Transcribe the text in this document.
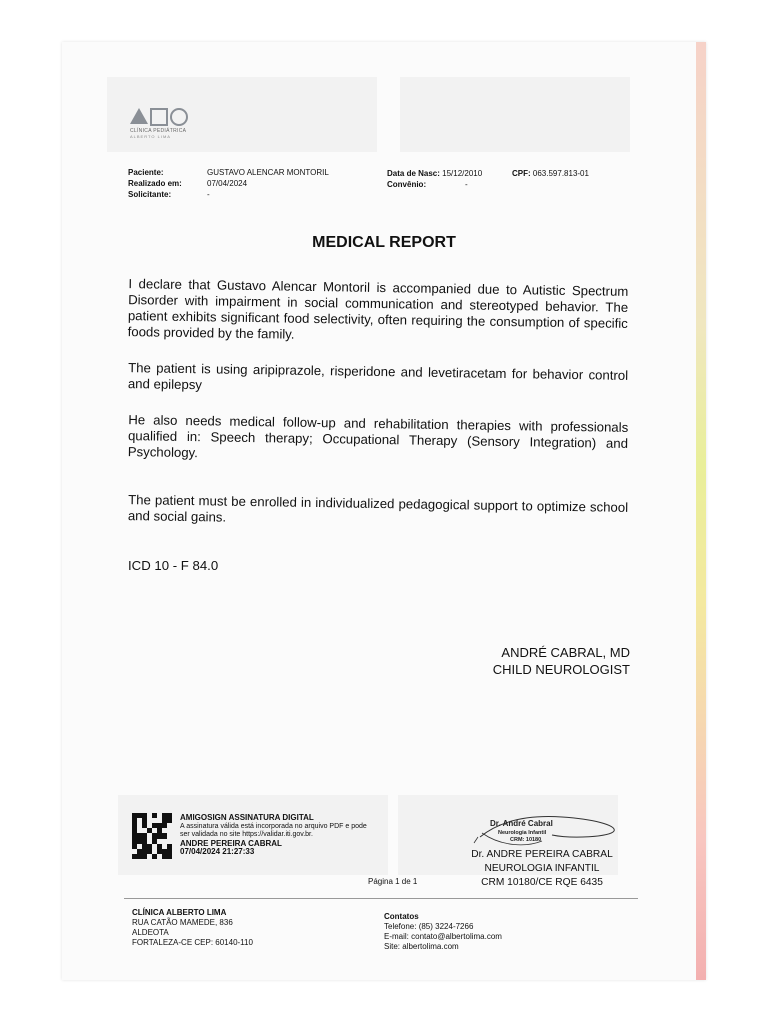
CLÍNICA PEDIÁTRICA
ALBERTO LIMA
Paciente:	GUSTAVO ALENCAR MONTORIL
Realizado em:	07/04/2024
Solicitante:	-
Data de Nasc: 15/12/2010
Convênio:	-
CPF: 063.597.813-01
MEDICAL REPORT
I declare that Gustavo Alencar Montoril is accompanied due to Autistic Spectrum Disorder with impairment in social communication and stereotyped behavior. The patient exhibits significant food selectivity, often requiring the consumption of specific foods provided by the family.
The patient is using aripiprazole, risperidone and levetiracetam for behavior control and epilepsy
He also needs medical follow-up and rehabilitation therapies with professionals qualified in: Speech therapy; Occupational Therapy (Sensory Integration) and Psychology.
The patient must be enrolled in individualized pedagogical support to optimize school and social gains.
ICD 10 - F 84.0
ANDRÉ CABRAL, MD
CHILD NEUROLOGIST
AMIGOSIGN ASSINATURA DIGITAL
A assinatura válida está incorporada no arquivo PDF e pode
ser validada no site https://validar.iti.gov.br.
ANDRE PEREIRA CABRAL
07/04/2024 21:27:33
Dr. André Cabral
Neurologia Infantil
CRM: 10180
Dr. ANDRE PEREIRA CABRAL
NEUROLOGIA INFANTIL
CRM 10180/CE RQE 6435
Página 1 de 1
CLÍNICA ALBERTO LIMA
RUA CATÃO MAMEDE, 836
ALDEOTA
FORTALEZA-CE CEP: 60140-110
Contatos
Telefone: (85) 3224-7266
E-mail: contato@albertolima.com
Site: albertolima.com
